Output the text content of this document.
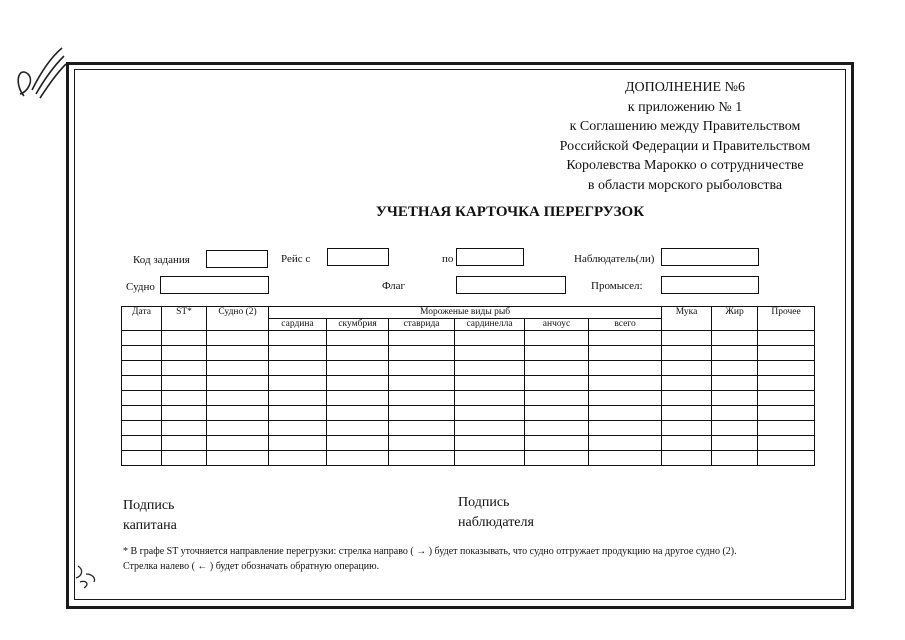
ДОПОЛНЕНИЕ №6
к приложению № 1
к Соглашению между Правительством
Российской Федерации и Правительством
Королевства Марокко о сотрудничестве
в области морского рыболовства
УЧЕТНАЯ КАРТОЧКА ПЕРЕГРУЗОК
Код задания	Рейс с	по	Наблюдатель(ли)
Судно	Флаг	Промысел:
Дата	ST*	Судно (2)	Мороженые виды рыб						Мука	Жир	Прочее
			сардина	скумбрия	ставрида	сардинелла	анчоус	всего			

Подпись
капитана
Подпись
наблюдателя
* В графе ST уточняется направление перегрузки: стрелка направо ( → ) будет показывать, что судно отгружает продукцию на другое судно (2).
Стрелка налево ( ← ) будет обозначать обратную операцию.
